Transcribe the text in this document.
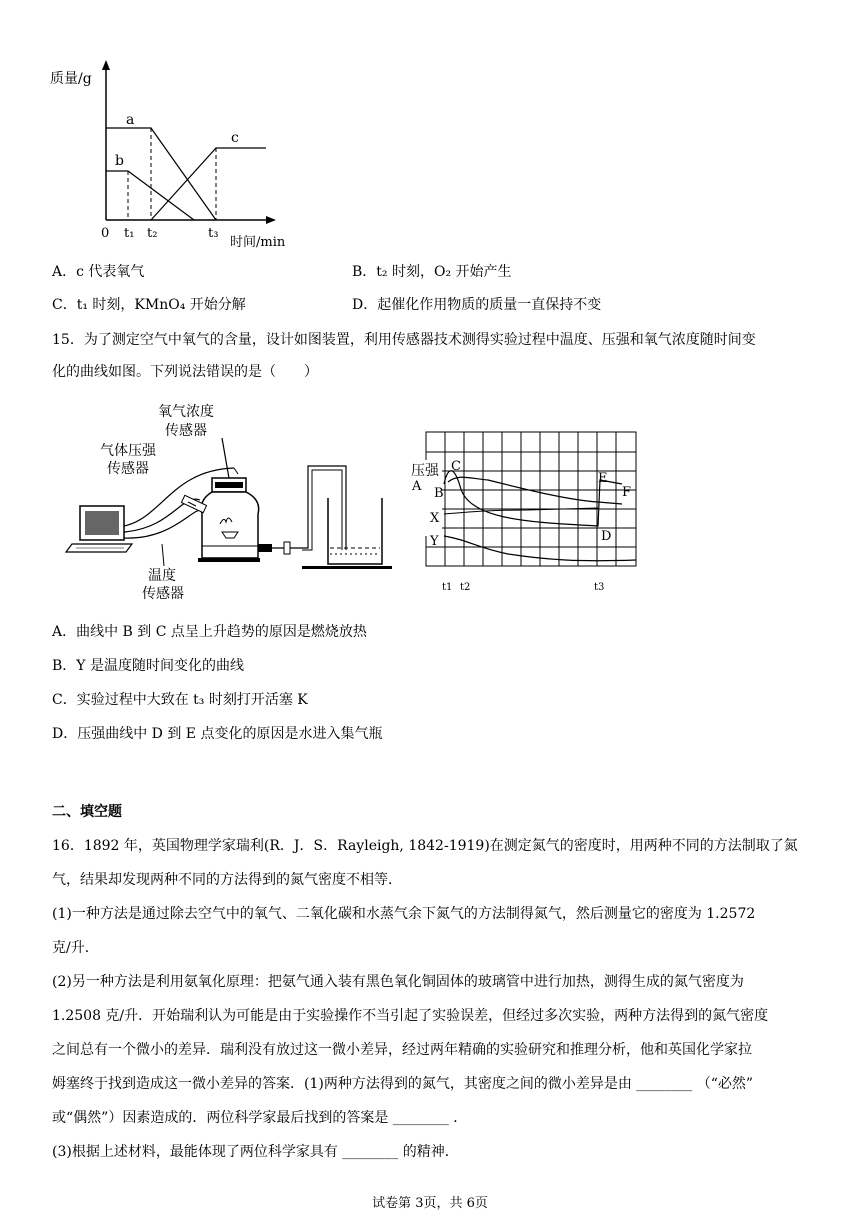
质量/g
时间/min
0 t₁ t₂	t₃
a
b
c
A．c 代表氧气	B．t₂ 时刻，O₂ 开始产生
C．t₁ 时刻，KMnO₄ 开始分解	D．起催化作用物质的质量一直保持不变
15．为了测定空气中氧气的含量，设计如图装置，利用传感器技术测得实验过程中温度、压强和氧气浓度随时间变
化的曲线如图。下列说法错误的是（　　）
氧气浓度
传感器
气体压强
传感器
温度
传感器
压强
A B
C
D
E
F
X
Y
t1 t2	t3
A．曲线中 B 到 C 点呈上升趋势的原因是燃烧放热
B．Y 是温度随时间变化的曲线
C．实验过程中大致在 t₃ 时刻打开活塞 K
D．压强曲线中 D 到 E 点变化的原因是水进入集气瓶
二、填空题
16．1892 年，英国物理学家瑞利(R．J．S．Rayleigh, 1842-1919)在测定氮气的密度时，用两种不同的方法制取了氮
气，结果却发现两种不同的方法得到的氮气密度不相等．
(1)一种方法是通过除去空气中的氧气、二氧化碳和水蒸气余下氮气的方法制得氮气，然后测量它的密度为 1.2572
克/升．
(2)另一种方法是利用氨氧化原理：把氨气通入装有黑色氧化铜固体的玻璃管中进行加热，测得生成的氮气密度为
1.2508 克/升．开始瑞利认为可能是由于实验操作不当引起了实验误差，但经过多次实验，两种方法得到的氮气密度
之间总有一个微小的差异．瑞利没有放过这一微小差异，经过两年精确的实验研究和推理分析，他和英国化学家拉
姆塞终于找到造成这一微小差异的答案．(1)两种方法得到的氮气，其密度之间的微小差异是由 ________ （“必然”
或“偶然”）因素造成的．两位科学家最后找到的答案是 ________ ．
(3)根据上述材料，最能体现了两位科学家具有 ________ 的精神．
试卷第 3页，共 6页
